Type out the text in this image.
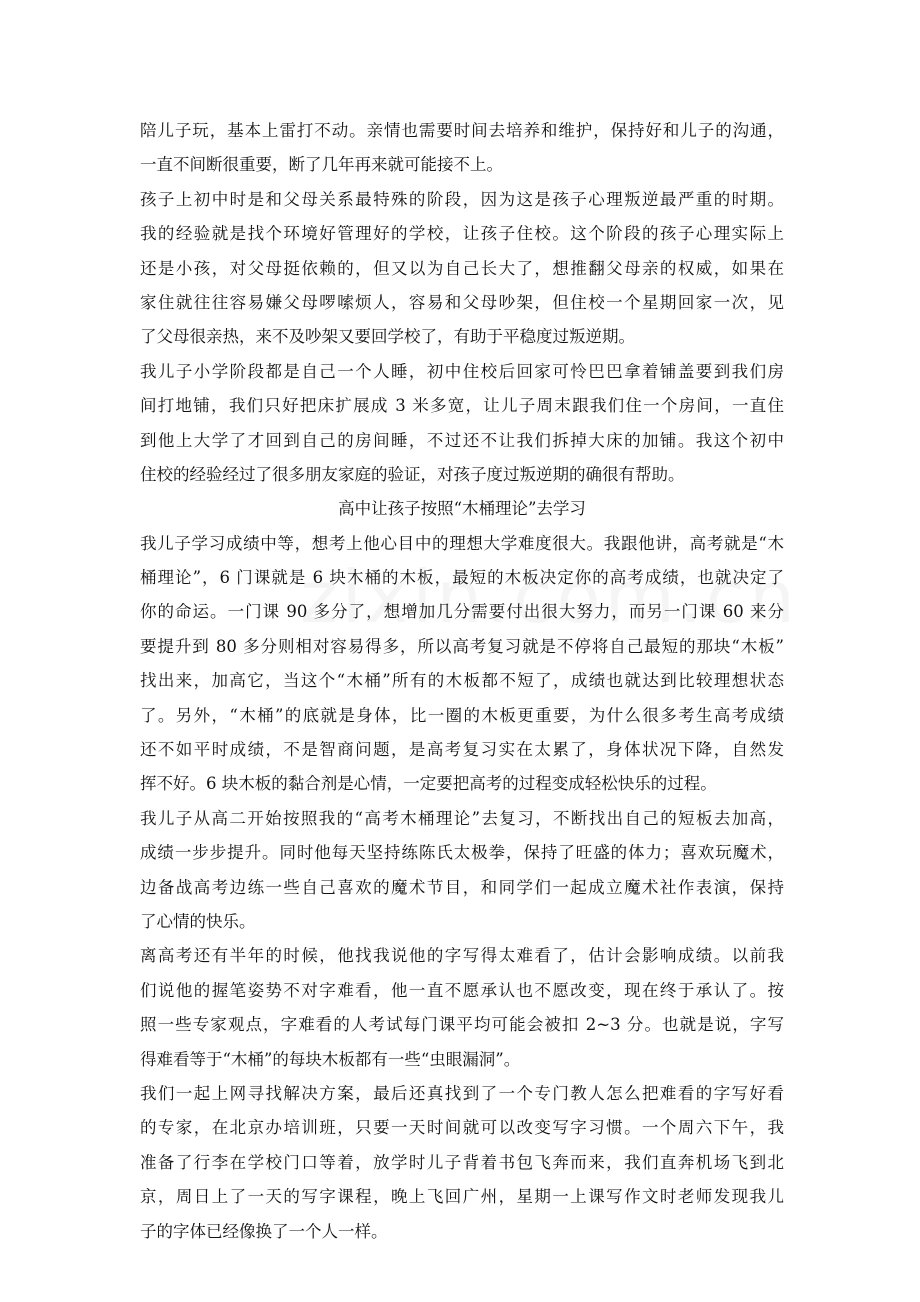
陪儿子玩，基本上雷打不动。亲情也需要时间去培养和维护，保持好和儿子的沟通，
一直不间断很重要，断了几年再来就可能接不上。
孩子上初中时是和父母关系最特殊的阶段，因为这是孩子心理叛逆最严重的时期。
我的经验就是找个环境好管理好的学校，让孩子住校。这个阶段的孩子心理实际上
还是小孩，对父母挺依赖的，但又以为自己长大了，想推翻父母亲的权威，如果在
家住就往往容易嫌父母啰嗦烦人，容易和父母吵架，但住校一个星期回家一次，见
了父母很亲热，来不及吵架又要回学校了，有助于平稳度过叛逆期。
我儿子小学阶段都是自己一个人睡，初中住校后回家可怜巴巴拿着铺盖要到我们房
间打地铺，我们只好把床扩展成 3 米多宽，让儿子周末跟我们住一个房间，一直住
到他上大学了才回到自己的房间睡，不过还不让我们拆掉大床的加铺。我这个初中
住校的经验经过了很多朋友家庭的验证，对孩子度过叛逆期的确很有帮助。
高中让孩子按照“木桶理论”去学习
我儿子学习成绩中等，想考上他心目中的理想大学难度很大。我跟他讲，高考就是“木
桶理论”，6 门课就是 6 块木桶的木板，最短的木板决定你的高考成绩，也就决定了
你的命运。一门课 90 多分了，想增加几分需要付出很大努力，而另一门课 60 来分
要提升到 80 多分则相对容易得多，所以高考复习就是不停将自己最短的那块“木板”
找出来，加高它，当这个“木桶”所有的木板都不短了，成绩也就达到比较理想状态
了。另外，“木桶”的底就是身体，比一圈的木板更重要，为什么很多考生高考成绩
还不如平时成绩，不是智商问题，是高考复习实在太累了，身体状况下降，自然发
挥不好。6 块木板的黏合剂是心情，一定要把高考的过程变成轻松快乐的过程。
我儿子从高二开始按照我的“高考木桶理论”去复习，不断找出自己的短板去加高，
成绩一步步提升。同时他每天坚持练陈氏太极拳，保持了旺盛的体力；喜欢玩魔术，
边备战高考边练一些自己喜欢的魔术节目，和同学们一起成立魔术社作表演，保持
了心情的快乐。
离高考还有半年的时候，他找我说他的字写得太难看了，估计会影响成绩。以前我
们说他的握笔姿势不对字难看，他一直不愿承认也不愿改变，现在终于承认了。按
照一些专家观点，字难看的人考试每门课平均可能会被扣 2~3 分。也就是说，字写
得难看等于“木桶”的每块木板都有一些“虫眼漏洞”。
我们一起上网寻找解决方案，最后还真找到了一个专门教人怎么把难看的字写好看
的专家，在北京办培训班，只要一天时间就可以改变写字习惯。一个周六下午，我
准备了行李在学校门口等着，放学时儿子背着书包飞奔而来，我们直奔机场飞到北
京，周日上了一天的写字课程，晚上飞回广州，星期一上课写作文时老师发现我儿
子的字体已经像换了一个人一样。
